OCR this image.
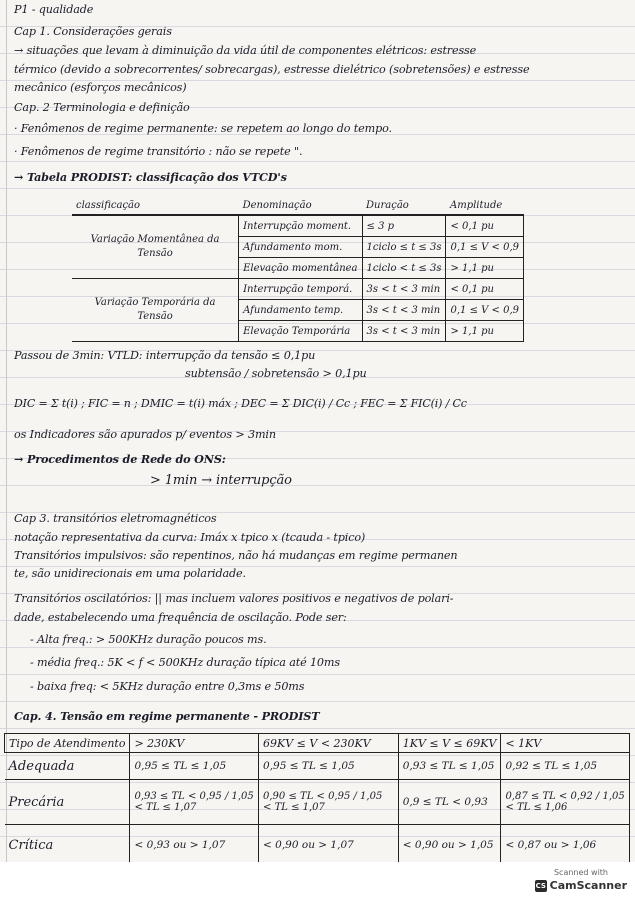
P1 - qualidade
Cap 1. Considerações gerais
→ situações que levam à diminuição da vida útil de componentes elétricos: estresse
térmico (devido a sobrecorrentes/ sobrecargas), estresse dielétrico (sobretensões) e estresse
mecânico (esforços mecânicos)
Cap. 2 Terminologia e definição
· Fenômenos de regime permanente: se repetem ao longo do tempo.
· Fenômenos de regime transitório : não se repete ".
→ Tabela PRODIST: classificação dos VTCD's
classificação	Denominação	Duração	Amplitude
Variação Momentânea da Tensão	Interrupção moment.	≤ 3 p	< 0,1 pu
	Afundamento mom.	1ciclo ≤ t ≤ 3s	0,1 ≤ V < 0,9
	Elevação momentânea	1ciclo < t ≤ 3s	> 1,1 pu
Variação Temporária da Tensão	Interrupção temporá.	3s < t < 3 min	< 0,1 pu
	Afundamento temp.	3s < t < 3 min	0,1 ≤ V < 0,9
	Elevação Temporária	3s < t < 3 min	> 1,1 pu
Passou de 3min: VTLD: interrupção da tensão ≤ 0,1pu
subtensão / sobretensão > 0,1pu
DIC = Σ t(i) ; FIC = n ; DMIC = t(i) máx ; DEC = Σ DIC(i) / Cc ; FEC = Σ FIC(i) / Cc
os Indicadores são apurados p/ eventos > 3min
→ Procedimentos de Rede do ONS:
> 1min → interrupção
Cap 3. transitórios eletromagnéticos
notação representativa da curva: Imáx x tpico x (tcauda - tpico)
Transitórios impulsivos: são repentinos, não há mudanças em regime permanen
te, são unidirecionais em uma polaridade.
Transitórios oscilatórios: || mas incluem valores positivos e negativos de polari-
dade, estabelecendo uma frequência de oscilação. Pode ser:
- Alta freq.: > 500KHz duração poucos ms.
- média freq.: 5K < f < 500KHz duração típica até 10ms
- baixa freq: < 5KHz duração entre 0,3ms e 50ms
Cap. 4. Tensão em regime permanente - PRODIST
Tipo de Atendimento	> 230KV	69KV ≤ V < 230KV	1KV ≤ V ≤ 69KV	< 1KV
Adequada	0,95 ≤ TL ≤ 1,05	0,95 ≤ TL ≤ 1,05	0,93 ≤ TL ≤ 1,05	0,92 ≤ TL ≤ 1,05
Precária	0,93 ≤ TL < 0,95 / 1,05 < TL ≤ 1,07	0,90 ≤ TL < 0,95 / 1,05 < TL ≤ 1,07	0,9 ≤ TL < 0,93	0,87 ≤ TL < 0,92 / 1,05 < TL ≤ 1,06
Crítica	< 0,93 ou > 1,07	< 0,90 ou > 1,07	< 0,90 ou > 1,05	< 0,87 ou > 1,06
Scanned with
CS CamScanner
